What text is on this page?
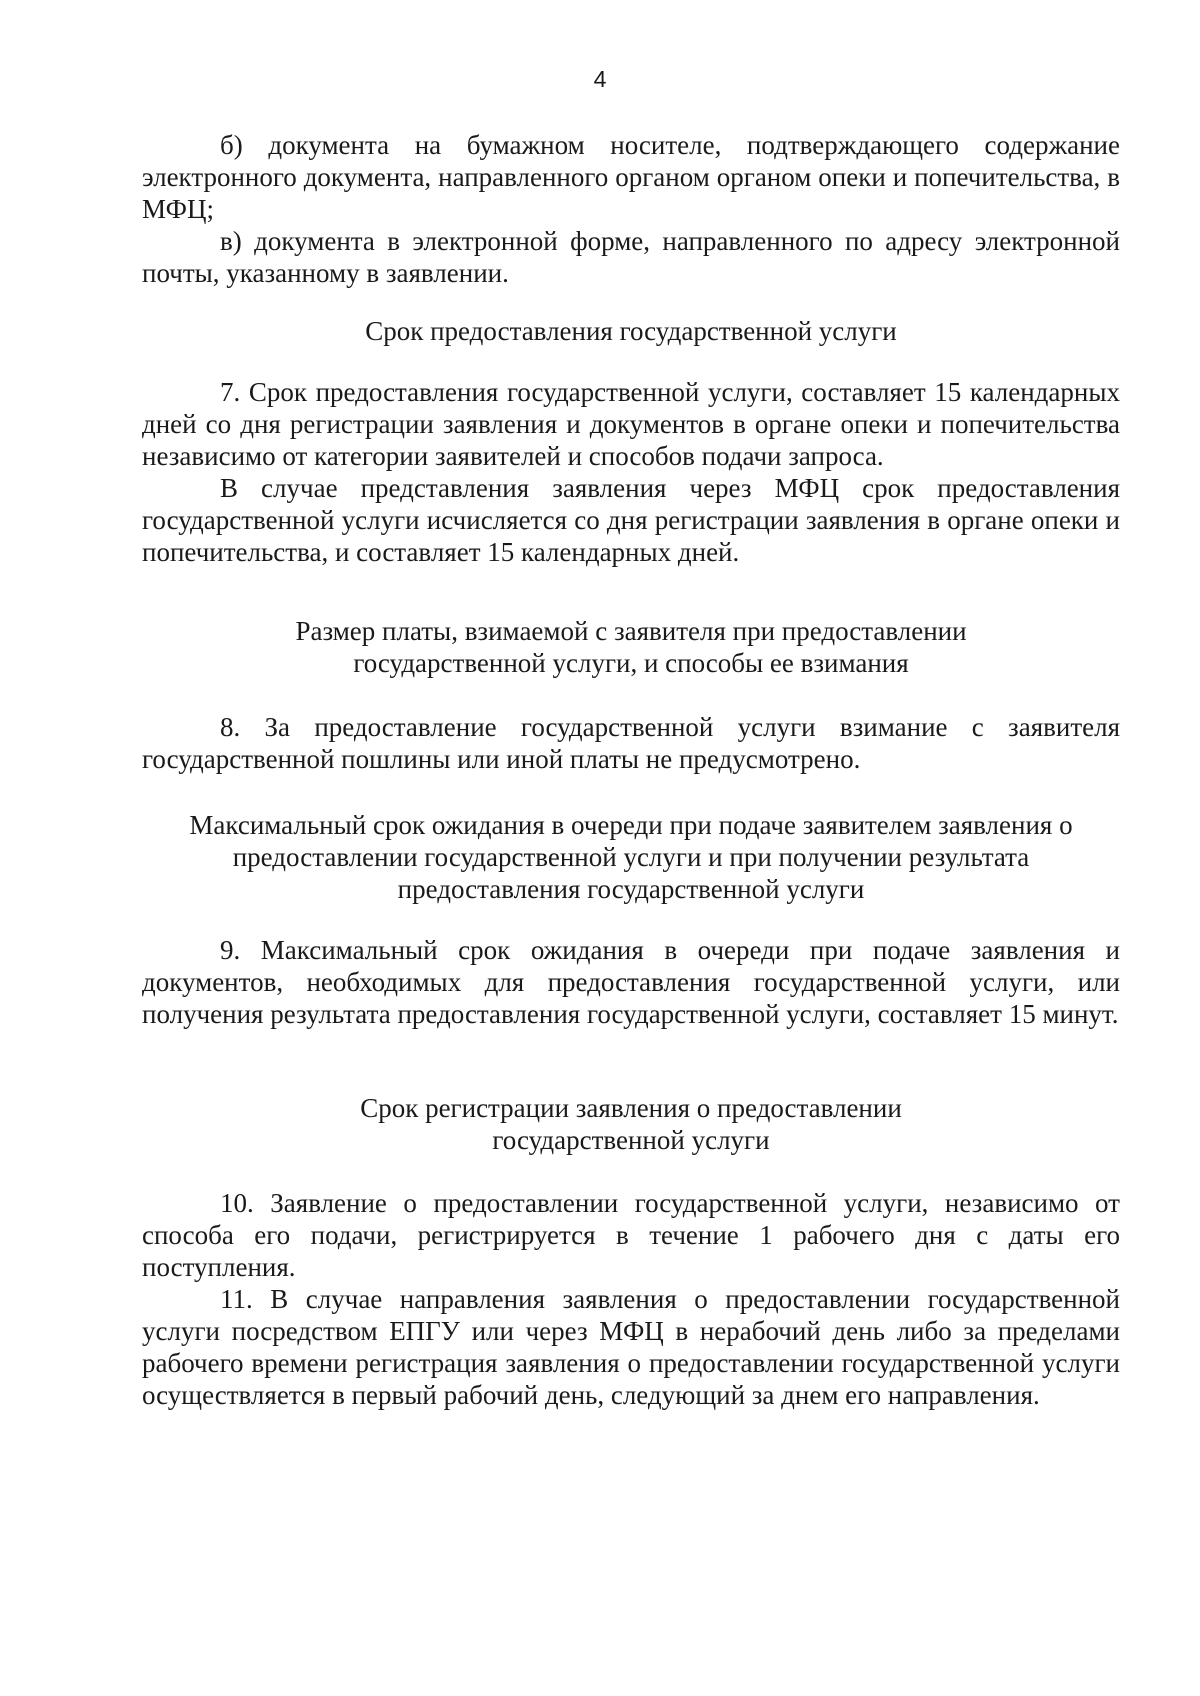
4

б) документа на бумажном носителе, подтверждающего содержание электронного документа, направленного органом органом опеки и попечительства, в МФЦ;

в) документа в электронной форме, направленного по адресу электронной почты, указанному в заявлении.

Срок предоставления государственной услуги

7. Срок предоставления государственной услуги, составляет 15 календарных дней со дня регистрации заявления и документов в органе опеки и попечительства независимо от категории заявителей и способов подачи запроса.

В случае представления заявления через МФЦ срок предоставления государственной услуги исчисляется со дня регистрации заявления в органе опеки и попечительства, и составляет 15 календарных дней.

Размер платы, взимаемой с заявителя при предоставлении
государственной услуги, и способы ее взимания

8. За предоставление государственной услуги взимание с заявителя государственной пошлины или иной платы не предусмотрено.

Максимальный срок ожидания в очереди при подаче заявителем заявления о
предоставлении государственной услуги и при получении результата
предоставления государственной услуги

9. Максимальный срок ожидания в очереди при подаче заявления и документов, необходимых для предоставления государственной услуги, или получения результата предоставления государственной услуги, составляет 15 минут.

Срок регистрации заявления о предоставлении
государственной услуги

10. Заявление о предоставлении государственной услуги, независимо от способа его подачи, регистрируется в течение 1 рабочего дня с даты его поступления.

11. В случае направления заявления о предоставлении государственной услуги посредством ЕПГУ или через МФЦ в нерабочий день либо за пределами рабочего времени регистрация заявления о предоставлении государственной услуги осуществляется в первый рабочий день, следующий за днем его направления.
